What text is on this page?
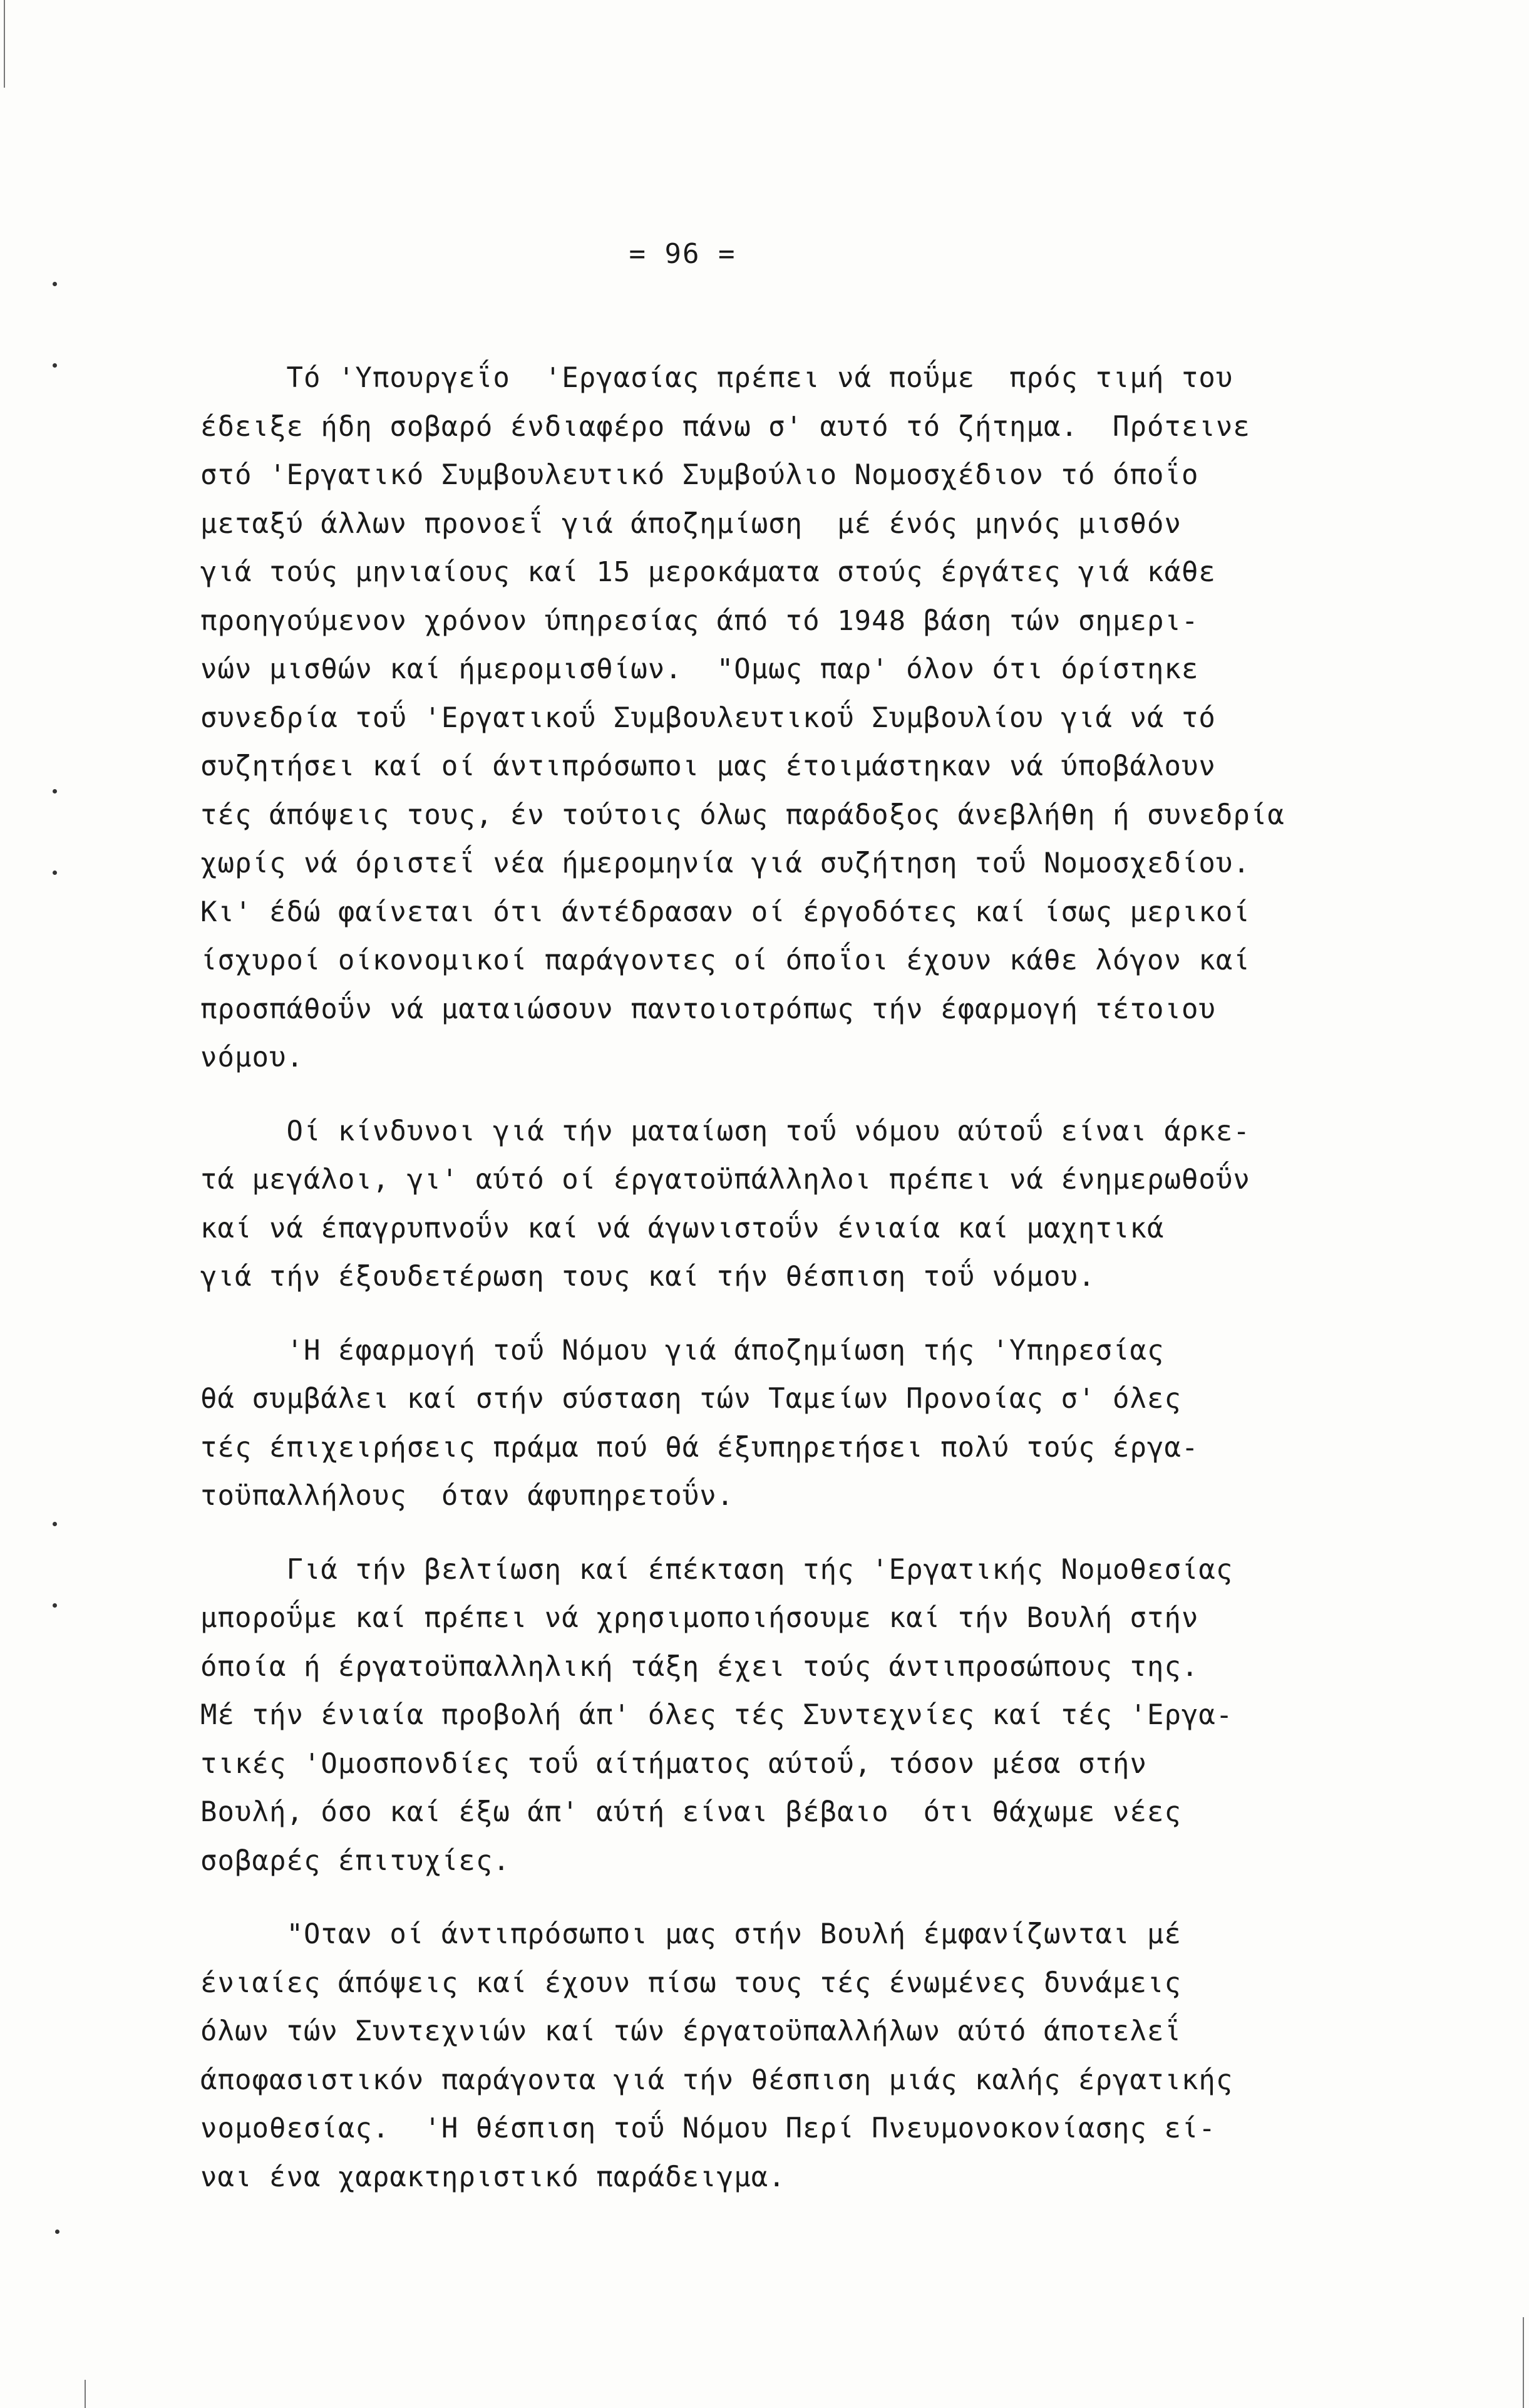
= 96 =
Τό 'Υπουργεΐο  'Εργασίας πρέπει νά ποΰμε  πρός τιμή του
έδειξε ήδη σοβαρό ένδιαφέρο πάνω σ' αυτό τό ζήτημα.  Πρότεινε
στό 'Εργατικό Συμβουλευτικό Συμβούλιο Νομοσχέδιον τό όποΐο
μεταξύ άλλων προνοεΐ γιά άποζημίωση  μέ ένός μηνός μισθόν
γιά τούς μηνιαίους καί 15 μεροκάματα στούς έργάτες γιά κάθε
προηγούμενον χρόνον ύπηρεσίας άπό τό 1948 βάση τών σημερι-
νών μισθών καί ήμερομισθίων.  "Ομως παρ' όλον ότι όρίστηκε
συνεδρία τοΰ 'Εργατικοΰ Συμβουλευτικοΰ Συμβουλίου γιά νά τό
συζητήσει καί οί άντιπρόσωποι μας έτοιμάστηκαν νά ύποβάλουν
τές άπόψεις τους, έν τούτοις όλως παράδοξος άνεβλήθη ή συνεδρία
χωρίς νά όριστεΐ νέα ήμερομηνία γιά συζήτηση τοΰ Νομοσχεδίου.
Κι' έδώ φαίνεται ότι άντέδρασαν οί έργοδότες καί ίσως μερικοί
ίσχυροί οίκονομικοί παράγοντες οί όποΐοι έχουν κάθε λόγον καί
προσπάθοΰν νά ματαιώσουν παντοιοτρόπως τήν έφαρμογή τέτοιου
νόμου.
Οί κίνδυνοι γιά τήν ματαίωση τοΰ νόμου αύτοΰ είναι άρκε-
τά μεγάλοι, γι' αύτό οί έργατοϋπάλληλοι πρέπει νά ένημερωθοΰν
καί νά έπαγρυπνοΰν καί νά άγωνιστοΰν ένιαία καί μαχητικά
γιά τήν έξουδετέρωση τους καί τήν θέσπιση τοΰ νόμου.
'Η έφαρμογή τοΰ Νόμου γιά άποζημίωση τής 'Υπηρεσίας
θά συμβάλει καί στήν σύσταση τών Ταμείων Προνοίας σ' όλες
τές έπιχειρήσεις πράμα πού θά έξυπηρετήσει πολύ τούς έργα-
τοϋπαλλήλους  όταν άφυπηρετοΰν.
Γιά τήν βελτίωση καί έπέκταση τής 'Εργατικής Νομοθεσίας
μποροΰμε καί πρέπει νά χρησιμοποιήσουμε καί τήν Βουλή στήν
όποία ή έργατοϋπαλληλική τάξη έχει τούς άντιπροσώπους της.
Μέ τήν ένιαία προβολή άπ' όλες τές Συντεχνίες καί τές 'Εργα-
τικές 'Ομοσπονδίες τοΰ αίτήματος αύτοΰ, τόσον μέσα στήν
Βουλή, όσο καί έξω άπ' αύτή είναι βέβαιο  ότι θάχωμε νέες
σοβαρές έπιτυχίες.
"Οταν οί άντιπρόσωποι μας στήν Βουλή έμφανίζωνται μέ
ένιαίες άπόψεις καί έχουν πίσω τους τές ένωμένες δυνάμεις
όλων τών Συντεχνιών καί τών έργατοϋπαλλήλων αύτό άποτελεΐ
άποφασιστικόν παράγοντα γιά τήν θέσπιση μιάς καλής έργατικής
νομοθεσίας.  'Η θέσπιση τοΰ Νόμου Περί Πνευμονοκονίασης εί-
ναι ένα χαρακτηριστικό παράδειγμα.
